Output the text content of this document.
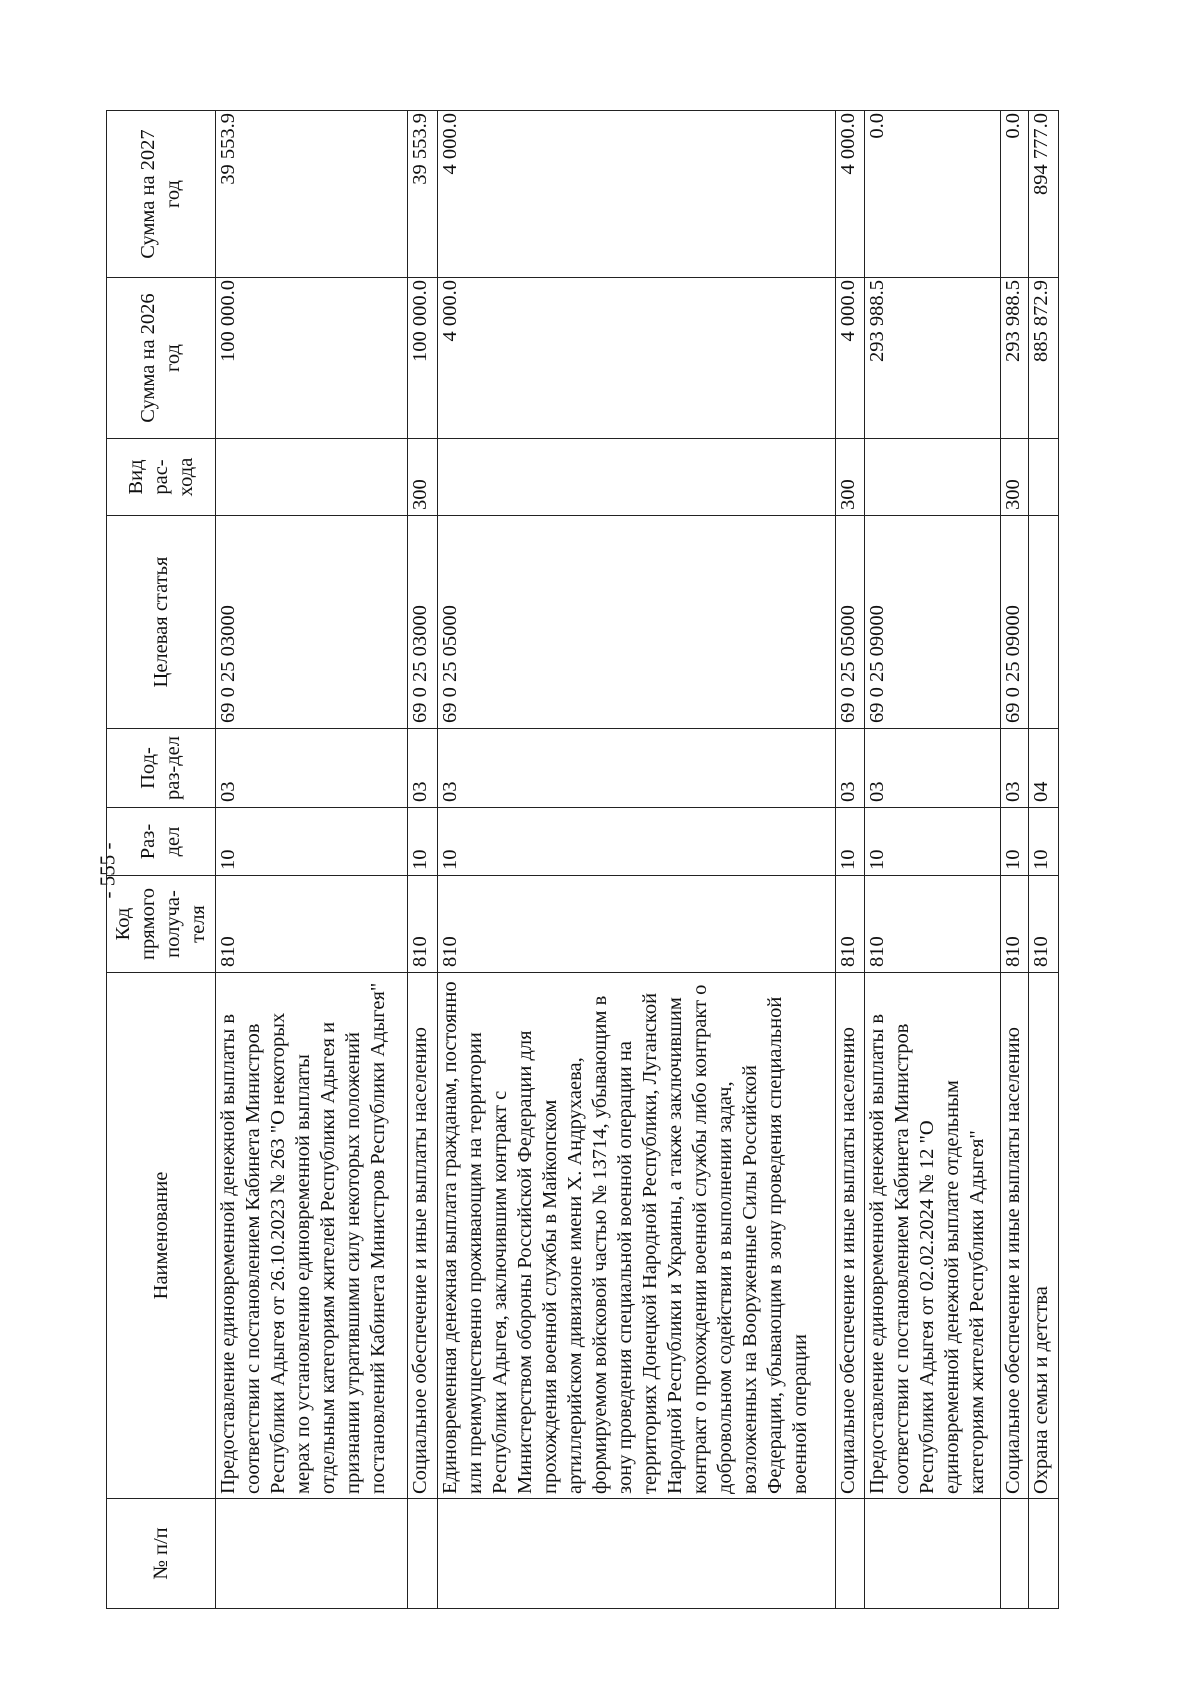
- 555 -
№ п/п	Наименование	Код прямого получа-теля	Раз-дел	Под-раз-дел	Целевая статья	Вид рас-хода	Сумма на 2026 год	Сумма на 2027 год
	Предоставление единовременной денежной выплаты в соответствии с постановлением Кабинета Министров Республики Адыгея от 26.10.2023 № 263 "О некоторых мерах по установлению единовременной выплаты отдельным категориям жителей Республики Адыгея и признании утратившими силу некоторых положений постановлений Кабинета Министров Республики Адыгея"	810	10	03	69 0 25 03000		100 000.0	39 553.9
	Социальное обеспечение и иные выплаты населению	810	10	03	69 0 25 03000	300	100 000.0	39 553.9
	Единовременная денежная выплата гражданам, постоянно или преимущественно проживающим на территории Республики Адыгея, заключившим контракт с Министерством обороны Российской Федерации для прохождения военной службы в Майкопском артиллерийском дивизионе имени Х. Андрухаева, формируемом войсковой частью № 13714, убывающим в зону проведения специальной военной операции на территориях Донецкой Народной Республики, Луганской Народной Республики и Украины, а также заключившим контракт о прохождении военной службы либо контракт о добровольном содействии в выполнении задач, возложенных на Вооруженные Силы Российской Федерации, убывающим в зону проведения специальной военной операции	810	10	03	69 0 25 05000		4 000.0	4 000.0
	Социальное обеспечение и иные выплаты населению	810	10	03	69 0 25 05000	300	4 000.0	4 000.0
	Предоставление единовременной денежной выплаты в соответствии с постановлением Кабинета Министров Республики Адыгея от 02.02.2024 № 12 "О единовременной денежной выплате отдельным категориям жителей Республики Адыгея"	810	10	03	69 0 25 09000		293 988.5	0.0
	Социальное обеспечение и иные выплаты населению	810	10	03	69 0 25 09000	300	293 988.5	0.0
	Охрана семьи и детства	810	10	04			885 872.9	894 777.0
